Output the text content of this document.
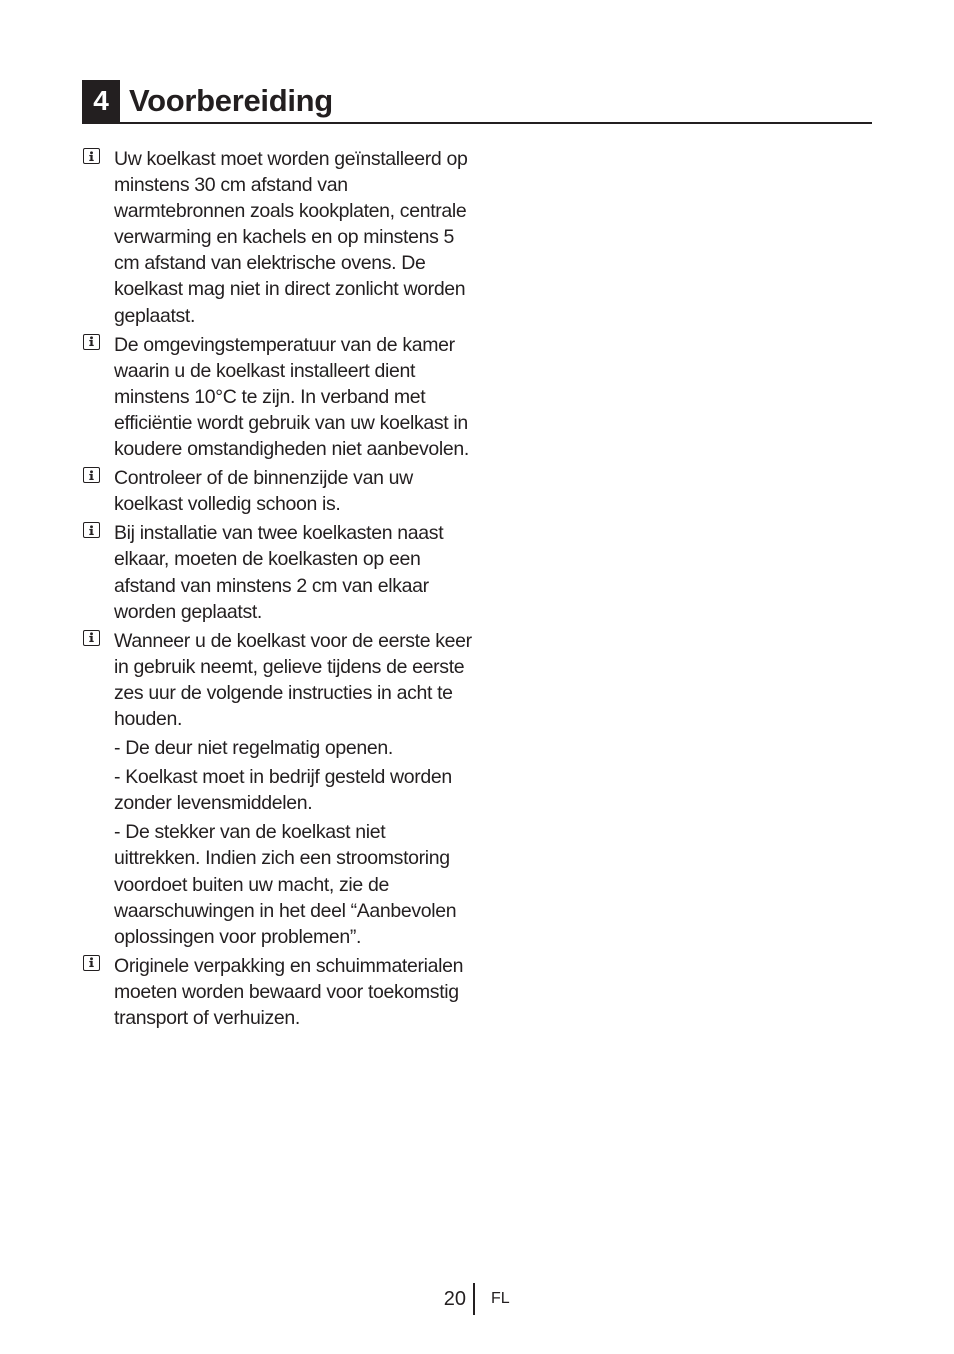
4 Voorbereiding
Uw koelkast moet worden geïnstalleerd op minstens 30 cm afstand van warmtebronnen zoals kookplaten, centrale verwarming en kachels en op minstens 5 cm afstand van elektrische ovens. De koelkast mag niet in direct zonlicht worden geplaatst.
De omgevingstemperatuur van de kamer waarin u de koelkast installeert dient minstens 10°C te zijn. In verband met efficiëntie wordt gebruik van uw koelkast in koudere omstandigheden niet aanbevolen.
Controleer of de binnenzijde van uw koelkast volledig schoon is.
Bij installatie van twee koelkasten naast elkaar, moeten de koelkasten op een afstand van minstens 2 cm van elkaar worden geplaatst.
Wanneer u de koelkast voor de eerste keer in gebruik neemt, gelieve tijdens de eerste zes uur de volgende instructies in acht te houden.
- De deur niet regelmatig openen.
- Koelkast moet in bedrijf gesteld worden zonder levensmiddelen.
- De stekker van de koelkast niet uittrekken. Indien zich een stroomstoring voordoet buiten uw macht, zie de waarschuwingen in het deel “Aanbevolen oplossingen voor problemen”.
Originele verpakking en schuimmaterialen moeten worden bewaard voor toekomstig transport of verhuizen.
20 FL
